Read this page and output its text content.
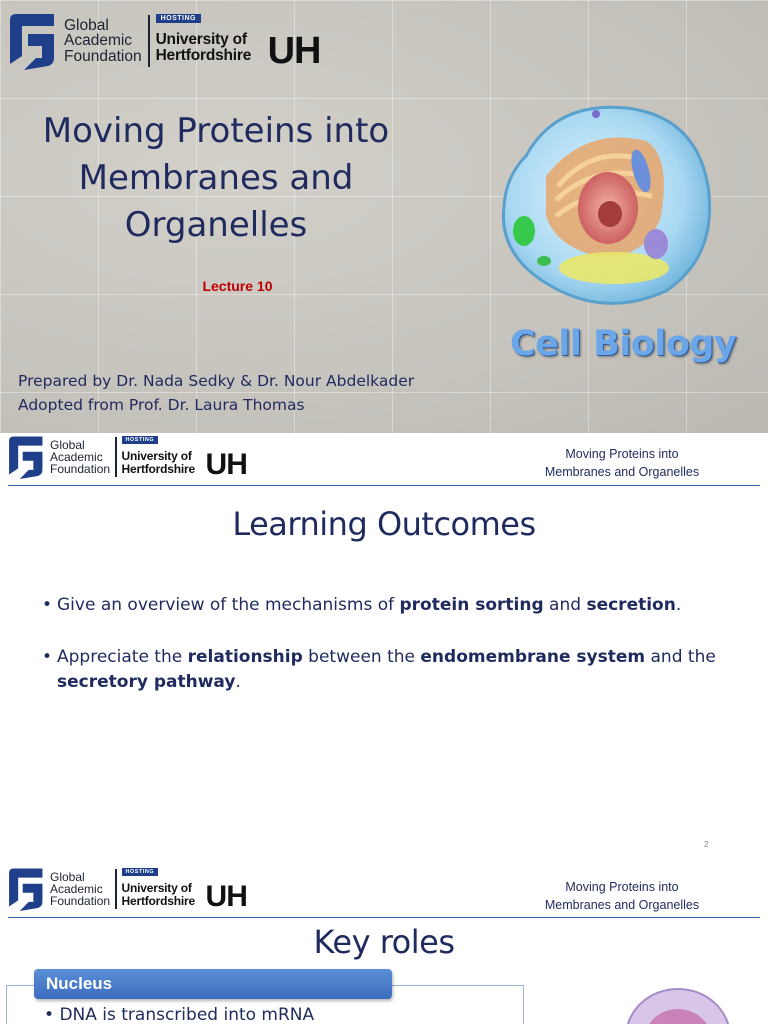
Global
Academic
Foundation
HOSTING
University of
Hertfordshire UH
Moving Proteins into
Membranes and
Organelles
Lecture 10
Cell Biology
Prepared by Dr. Nada Sedky & Dr. Nour Abdelkader
Adopted from Prof. Dr. Laura Thomas
Global
Academic
Foundation
HOSTING
University of
Hertfordshire UH	Moving Proteins into
Membranes and Organelles
Learning Outcomes
• Give an overview of the mechanisms of protein sorting and secretion.
• Appreciate the relationship between the endomembrane system and the secretory pathway.
2
Global
Academic
Foundation
HOSTING
University of
Hertfordshire UH	Moving Proteins into
Membranes and Organelles
Key roles
Nucleus
• DNA is transcribed into mRNA
